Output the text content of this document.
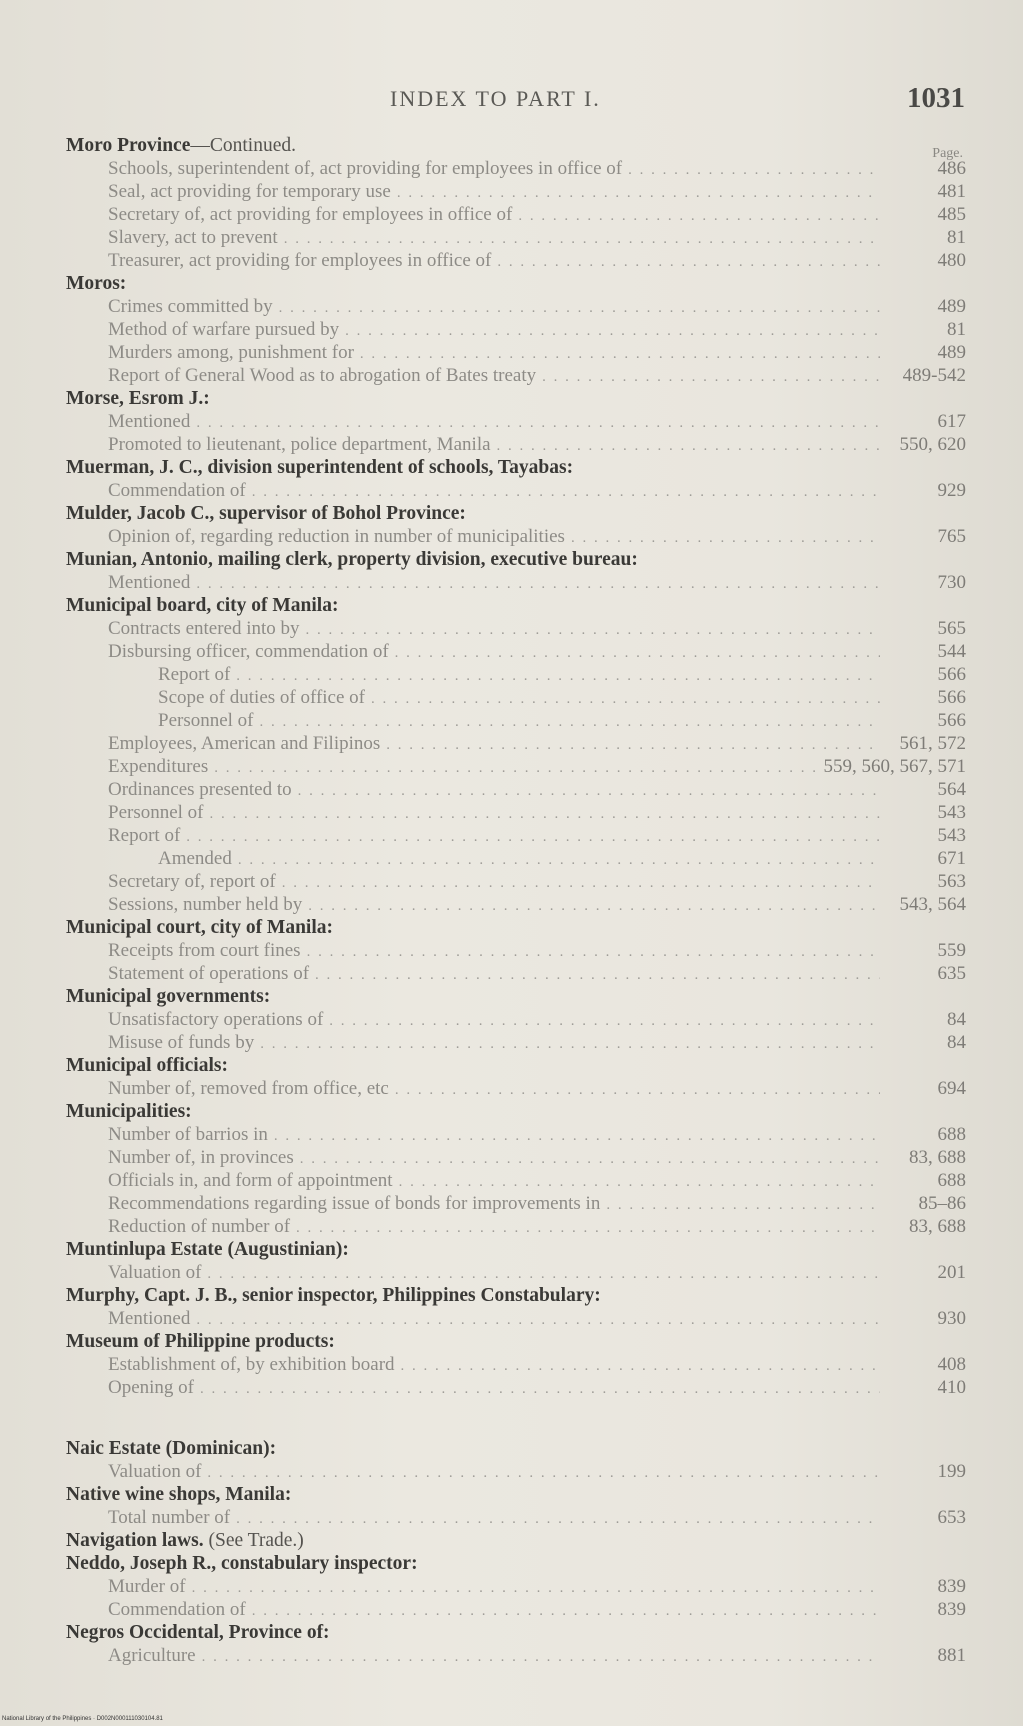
INDEX TO PART I.	1031
Page.
Moro Province—Continued.
Schools, superintendent of, act providing for employees in office of . . .	486
Seal, act providing for temporary use . . .	481
Secretary of, act providing for employees in office of . . .	485
Slavery, act to prevent . . .	81
Treasurer, act providing for employees in office of . . .	480
Moros:
Crimes committed by . . .	489
Method of warfare pursued by . . .	81
Murders among, punishment for . . .	489
Report of General Wood as to abrogation of Bates treaty . . .	489-542
Morse, Esrom J.:
Mentioned . . .	617
Promoted to lieutenant, police department, Manila . . .	550, 620
Muerman, J. C., division superintendent of schools, Tayabas:
Commendation of . . .	929
Mulder, Jacob C., supervisor of Bohol Province:
Opinion of, regarding reduction in number of municipalities . . .	765
Munian, Antonio, mailing clerk, property division, executive bureau:
Mentioned . . .	730
Municipal board, city of Manila:
Contracts entered into by . . .	565
Disbursing officer, commendation of . . .	544
Report of . . .	566
Scope of duties of office of . . .	566
Personnel of . . .	566
Employees, American and Filipinos . . .	561, 572
Expenditures . . .	559, 560, 567, 571
Ordinances presented to . . .	564
Personnel of . . .	543
Report of . . .	543
Amended . . .	671
Secretary of, report of . . .	563
Sessions, number held by . . .	543, 564
Municipal court, city of Manila:
Receipts from court fines . . .	559
Statement of operations of . . .	635
Municipal governments:
Unsatisfactory operations of . . .	84
Misuse of funds by . . .	84
Municipal officials:
Number of, removed from office, etc . . .	694
Municipalities:
Number of barrios in . . .	688
Number of, in provinces . . .	83, 688
Officials in, and form of appointment . . .	688
Recommendations regarding issue of bonds for improvements in . . .	85–86
Reduction of number of . . .	83, 688
Muntinlupa Estate (Augustinian):
Valuation of . . .	201
Murphy, Capt. J. B., senior inspector, Philippines Constabulary:
Mentioned . . .	930
Museum of Philippine products:
Establishment of, by exhibition board . . .	408
Opening of . . .	410
Naic Estate (Dominican):
Valuation of . . .	199
Native wine shops, Manila:
Total number of . . .	653
Navigation laws. (See Trade.)
Neddo, Joseph R., constabulary inspector:
Murder of . . .	839
Commendation of . . .	839
Negros Occidental, Province of:
Agriculture . . .	881
National Library of the Philippines · D002N000111030104.81
